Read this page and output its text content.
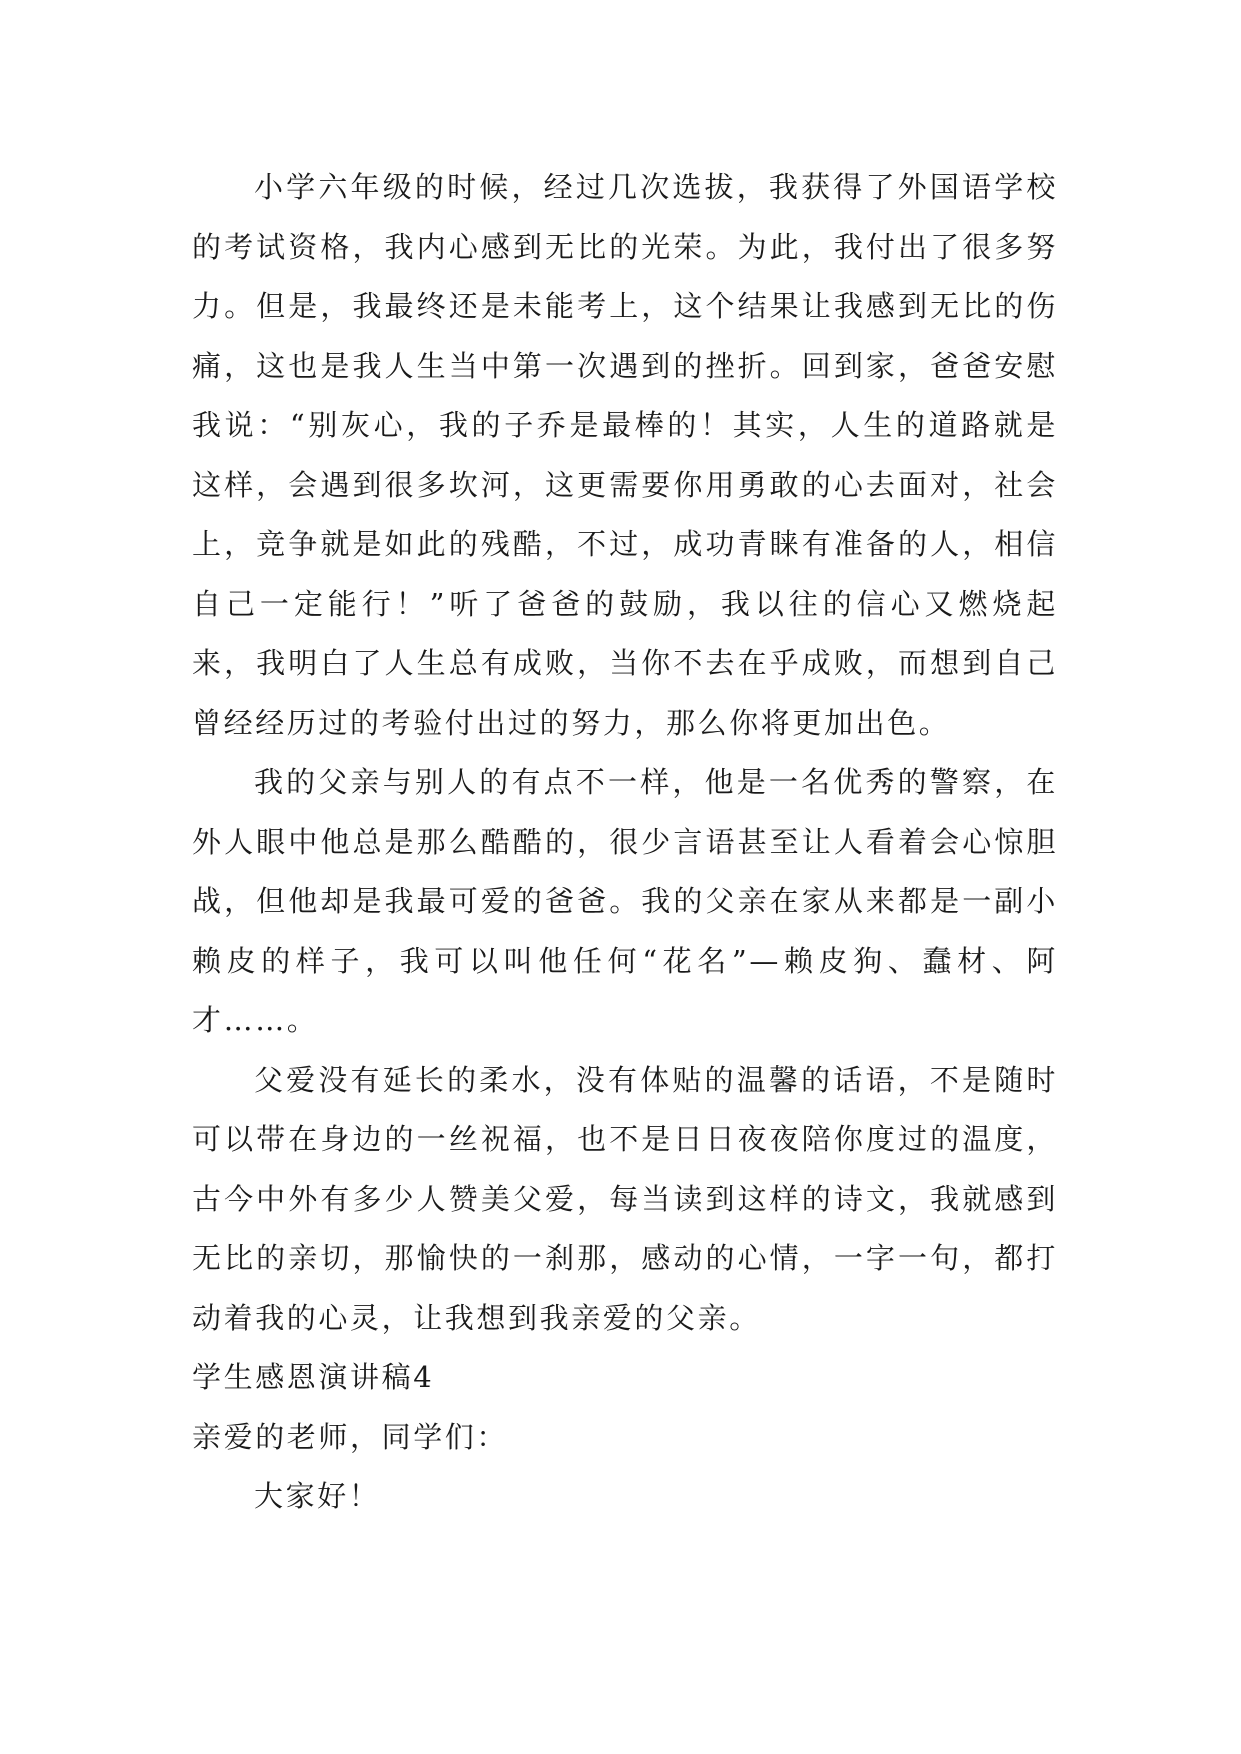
小学六年级的时候，经过几次选拔，我获得了外国语学校的考试资格，我内心感到无比的光荣。为此，我付出了很多努力。但是，我最终还是未能考上，这个结果让我感到无比的伤痛，这也是我人生当中第一次遇到的挫折。回到家，爸爸安慰我说：“别灰心，我的子乔是最棒的！其实，人生的道路就是这样，会遇到很多坎河，这更需要你用勇敢的心去面对，社会上，竞争就是如此的残酷，不过，成功青睐有准备的人，相信自己一定能行！”听了爸爸的鼓励，我以往的信心又燃烧起来，我明白了人生总有成败，当你不去在乎成败，而想到自己曾经经历过的考验付出过的努力，那么你将更加出色。

我的父亲与别人的有点不一样，他是一名优秀的警察，在外人眼中他总是那么酷酷的，很少言语甚至让人看着会心惊胆战，但他却是我最可爱的爸爸。我的父亲在家从来都是一副小赖皮的样子，我可以叫他任何“花名”—赖皮狗、蠢材、阿才……。

父爱没有延长的柔水，没有体贴的温馨的话语，不是随时可以带在身边的一丝祝福，也不是日日夜夜陪你度过的温度，古今中外有多少人赞美父爱，每当读到这样的诗文，我就感到无比的亲切，那愉快的一刹那，感动的心情，一字一句，都打动着我的心灵，让我想到我亲爱的父亲。

学生感恩演讲稿4

亲爱的老师，同学们：

大家好！
